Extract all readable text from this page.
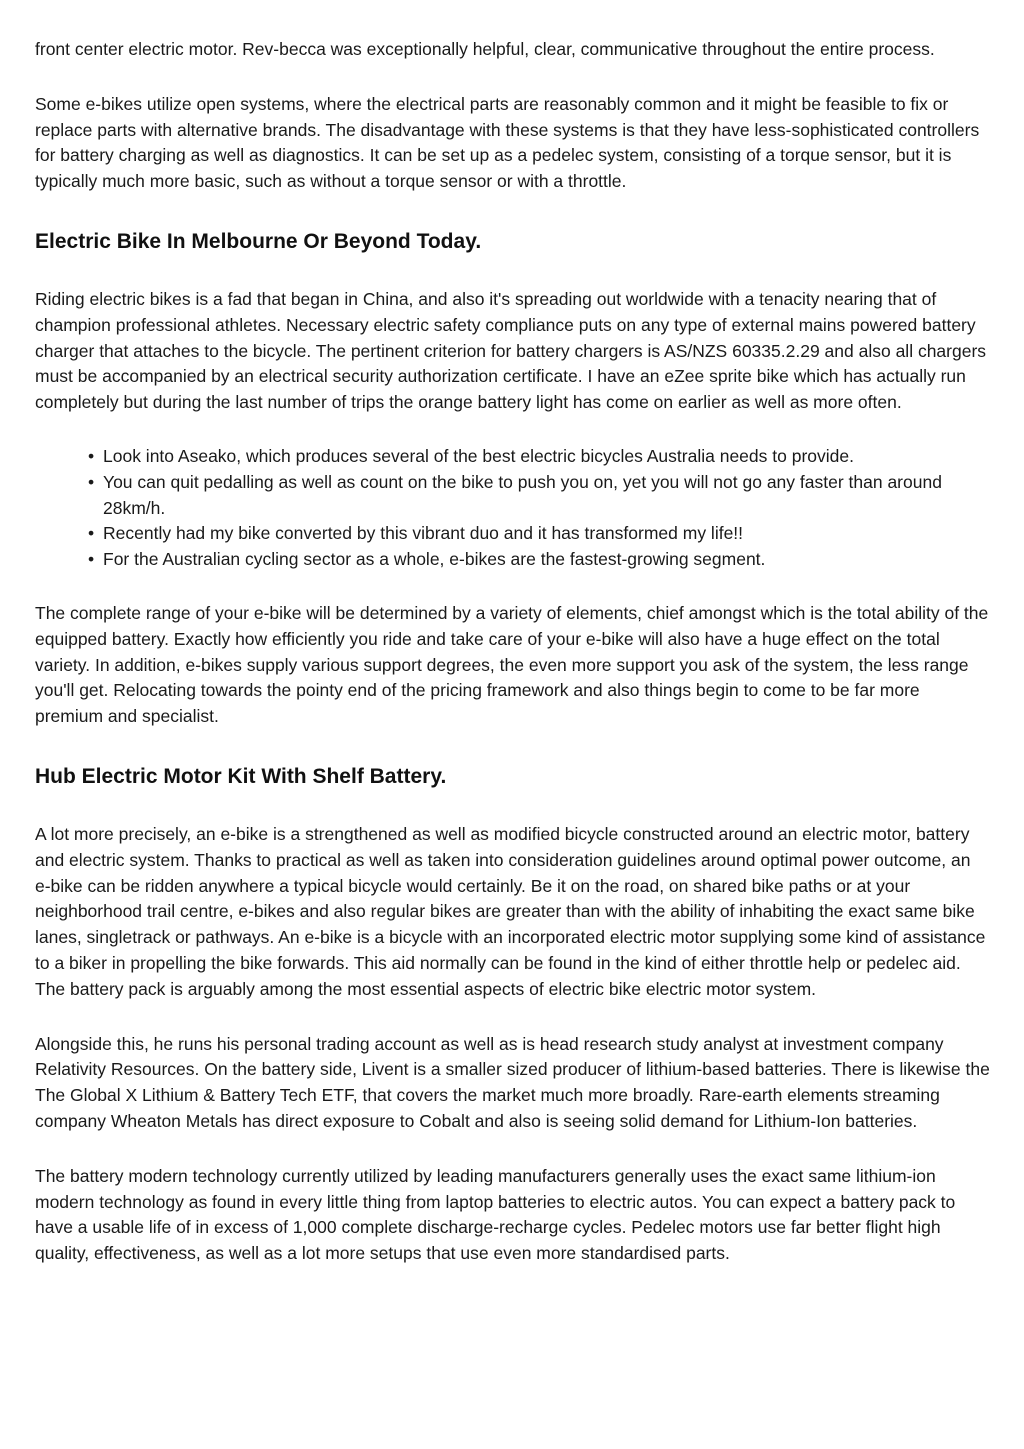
front center electric motor. Rev-becca was exceptionally helpful, clear, communicative throughout the entire process.

Some e-bikes utilize open systems, where the electrical parts are reasonably common and it might be feasible to fix or replace parts with alternative brands. The disadvantage with these systems is that they have less-sophisticated controllers for battery charging as well as diagnostics. It can be set up as a pedelec system, consisting of a torque sensor, but it is typically much more basic, such as without a torque sensor or with a throttle.

Electric Bike In Melbourne Or Beyond Today.

Riding electric bikes is a fad that began in China, and also it's spreading out worldwide with a tenacity nearing that of champion professional athletes. Necessary electric safety compliance puts on any type of external mains powered battery charger that attaches to the bicycle. The pertinent criterion for battery chargers is AS/NZS 60335.2.29 and also all chargers must be accompanied by an electrical security authorization certificate. I have an eZee sprite bike which has actually run completely but during the last number of trips the orange battery light has come on earlier as well as more often.

• Look into Aseako, which produces several of the best electric bicycles Australia needs to provide.
• You can quit pedalling as well as count on the bike to push you on, yet you will not go any faster than around 28km/h.
• Recently had my bike converted by this vibrant duo and it has transformed my life!!
• For the Australian cycling sector as a whole, e-bikes are the fastest-growing segment.

The complete range of your e-bike will be determined by a variety of elements, chief amongst which is the total ability of the equipped battery. Exactly how efficiently you ride and take care of your e-bike will also have a huge effect on the total variety. In addition, e-bikes supply various support degrees, the even more support you ask of the system, the less range you'll get. Relocating towards the pointy end of the pricing framework and also things begin to come to be far more premium and specialist.

Hub Electric Motor Kit With Shelf Battery.

A lot more precisely, an e-bike is a strengthened as well as modified bicycle constructed around an electric motor, battery and electric system. Thanks to practical as well as taken into consideration guidelines around optimal power outcome, an e-bike can be ridden anywhere a typical bicycle would certainly. Be it on the road, on shared bike paths or at your neighborhood trail centre, e-bikes and also regular bikes are greater than with the ability of inhabiting the exact same bike lanes, singletrack or pathways. An e-bike is a bicycle with an incorporated electric motor supplying some kind of assistance to a biker in propelling the bike forwards. This aid normally can be found in the kind of either throttle help or pedelec aid. The battery pack is arguably among the most essential aspects of electric bike electric motor system.

Alongside this, he runs his personal trading account as well as is head research study analyst at investment company Relativity Resources. On the battery side, Livent is a smaller sized producer of lithium-based batteries. There is likewise the The Global X Lithium & Battery Tech ETF, that covers the market much more broadly. Rare-earth elements streaming company Wheaton Metals has direct exposure to Cobalt and also is seeing solid demand for Lithium-Ion batteries.

The battery modern technology currently utilized by leading manufacturers generally uses the exact same lithium-ion modern technology as found in every little thing from laptop batteries to electric autos. You can expect a battery pack to have a usable life of in excess of 1,000 complete discharge-recharge cycles. Pedelec motors use far better flight high quality, effectiveness, as well as a lot more setups that use even more standardised parts.
